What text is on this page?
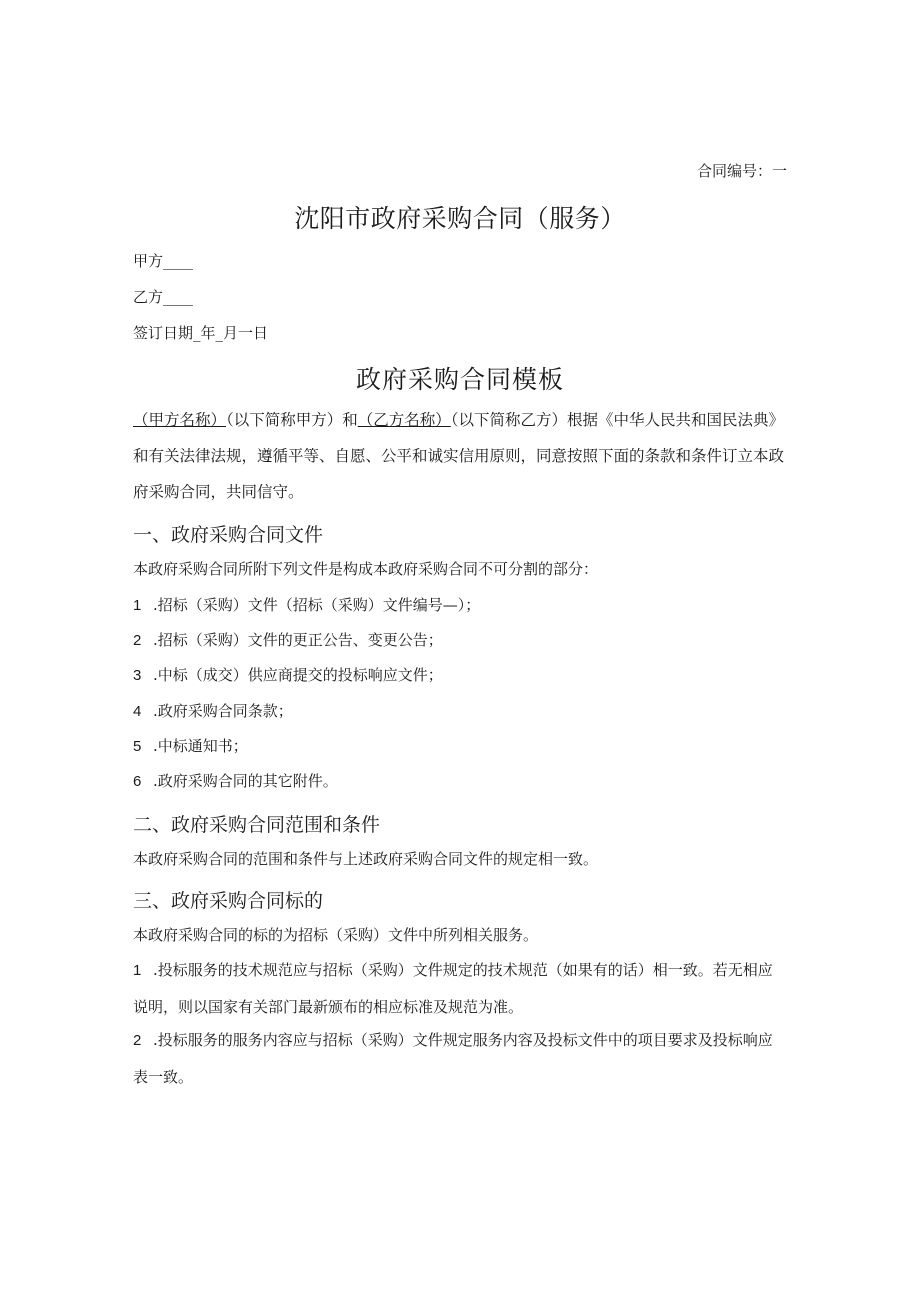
合同编号：一
沈阳市政府采购合同（服务）
甲方____
乙方____
签订日期_年_月一日
政府采购合同模板
（甲方名称）（以下简称甲方）和（乙方名称）（以下简称乙方）根据《中华人民共和国民法典》和有关法律法规，遵循平等、自愿、公平和诚实信用原则，同意按照下面的条款和条件订立本政府采购合同，共同信守。
一、政府采购合同文件
本政府采购合同所附下列文件是构成本政府采购合同不可分割的部分：
1 .招标（采购）文件（招标（采购）文件编号—）；
2 .招标（采购）文件的更正公告、变更公告；
3 .中标（成交）供应商提交的投标响应文件；
4 .政府采购合同条款；
5 .中标通知书；
6 .政府采购合同的其它附件。
二、政府采购合同范围和条件
本政府采购合同的范围和条件与上述政府采购合同文件的规定相一致。
三、政府采购合同标的
本政府采购合同的标的为招标（采购）文件中所列相关服务。
1 .投标服务的技术规范应与招标（采购）文件规定的技术规范（如果有的话）相一致。若无相应说明，则以国家有关部门最新颁布的相应标准及规范为准。
2 .投标服务的服务内容应与招标（采购）文件规定服务内容及投标文件中的项目要求及投标响应表一致。
